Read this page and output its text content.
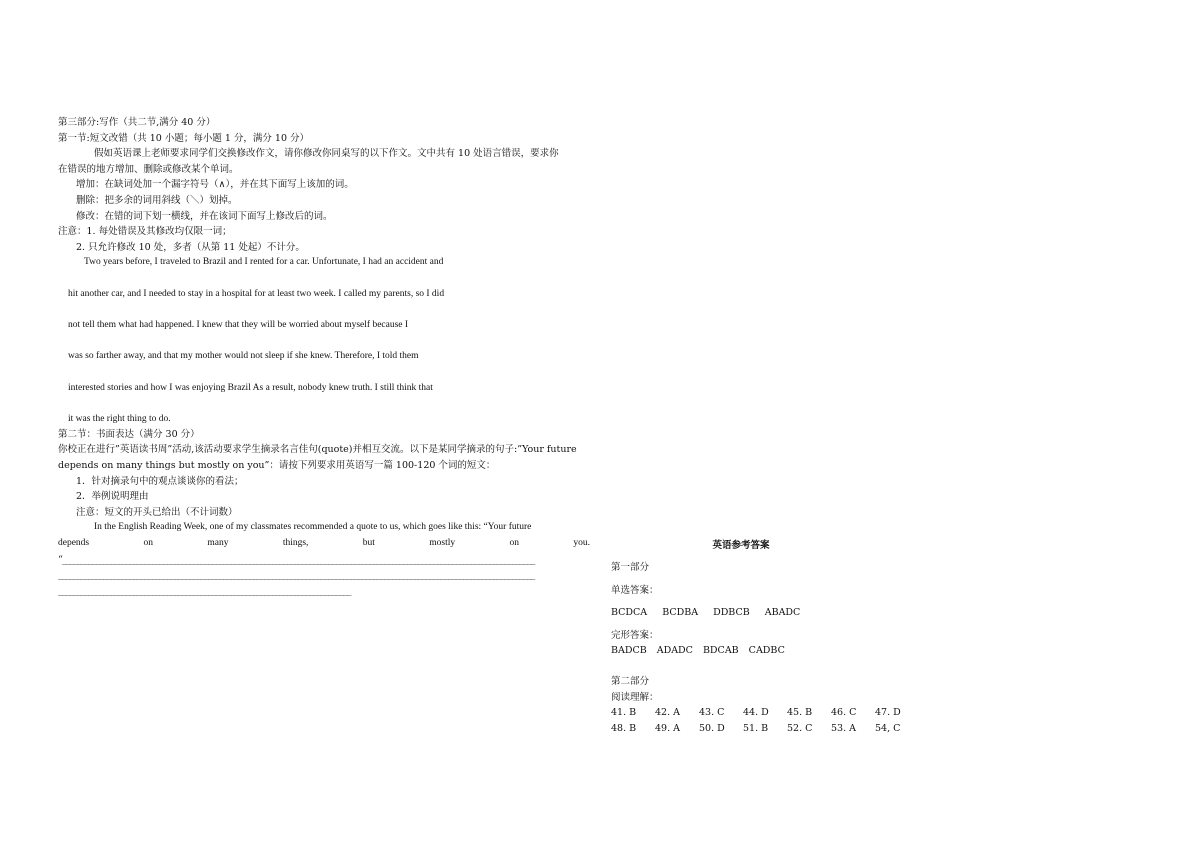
第三部分:写作（共二节,满分 40 分）
第一节:短文改错（共 10 小题；每小题 1 分，满分 10 分）
假如英语课上老师要求同学们交换修改作文，请你修改你同桌写的以下作文。文中共有 10 处语言错误，要求你
在错误的地方增加、删除或修改某个单词。
增加：在缺词处加一个漏字符号（∧），并在其下面写上该加的词。
删除：把多余的词用斜线（＼）划掉。
修改：在错的词下划一横线，并在该词下面写上修改后的词。
注意：1. 每处错误及其修改均仅限一词；
2. 只允许修改 10 处，多者（从第 11 处起）不计分。
Two years before, I traveled to Brazil and I rented for a car. Unfortunate, I had an accident and
hit another car, and I needed to stay in a hospital for at least two week. I called my parents, so I did
not tell them what had happened. I knew that they will be worried about myself because I
was so farther away, and that my mother would not sleep if she knew. Therefore, I told them
interested stories and how I was enjoying Brazil As a result, nobody knew truth. I still think that
it was the right thing to do.
第二节：书面表达（满分 30 分）
你校正在进行”英语读书周”活动,该活动要求学生摘录名言佳句(quote)并相互交流。以下是某同学摘录的句子:”Your future depends on many things but mostly on you”：请按下列要求用英语写一篇 100-120 个词的短文：
1．针对摘录句中的观点谈谈你的看法；
2．举例说明理由
注意：短文的开头已给出（不计词数）
In the English Reading Week, one of my classmates recommended a quote to us, which goes like this: “Your future
depends on many things, but mostly on you.
“______________________________________________________________________________________________________________________________
_______________________________________________________________________________________________________________________________
______________________________________________________________________________
英语参考答案
第一部分
单选答案：
BCDCA BCDBA DDBCB ABADC
完形答案：
BADCB ADADC BDCAB CADBC
第二部分
阅读理解：
41. B	42. A	43. C	44. D	45. B	46. C	47. D
48. B	49. A	50. D	51. B	52. C	53. A	54, C
